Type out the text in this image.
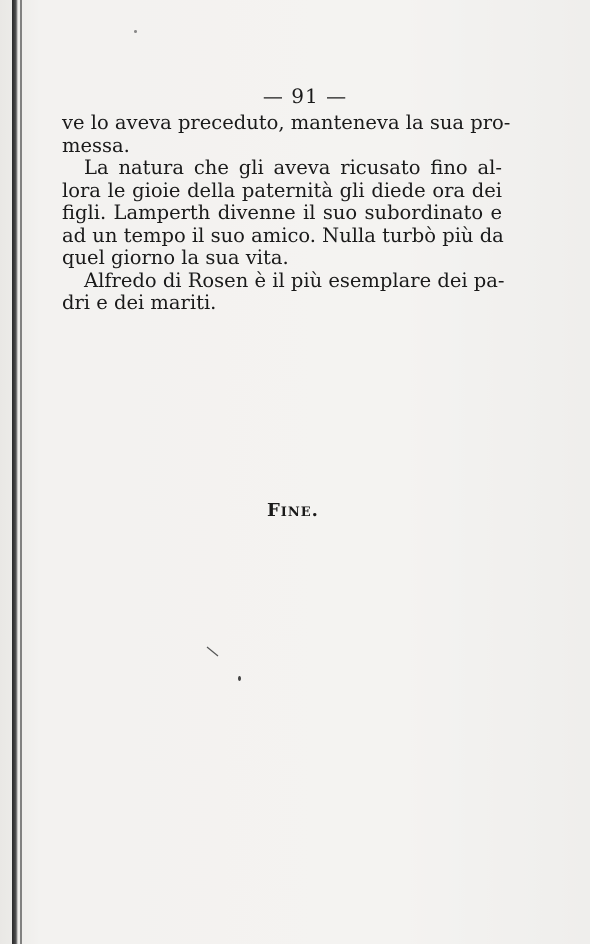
— 91 —
ve lo aveva preceduto, manteneva la sua pro-
messa.
La natura che gli aveva ricusato fino al-
lora le gioie della paternità gli diede ora dei
figli. Lamperth divenne il suo subordinato e
ad un tempo il suo amico. Nulla turbò più da
quel giorno la sua vita.
Alfredo di Rosen è il più esemplare dei pa-
dri e dei mariti.
Fine.
